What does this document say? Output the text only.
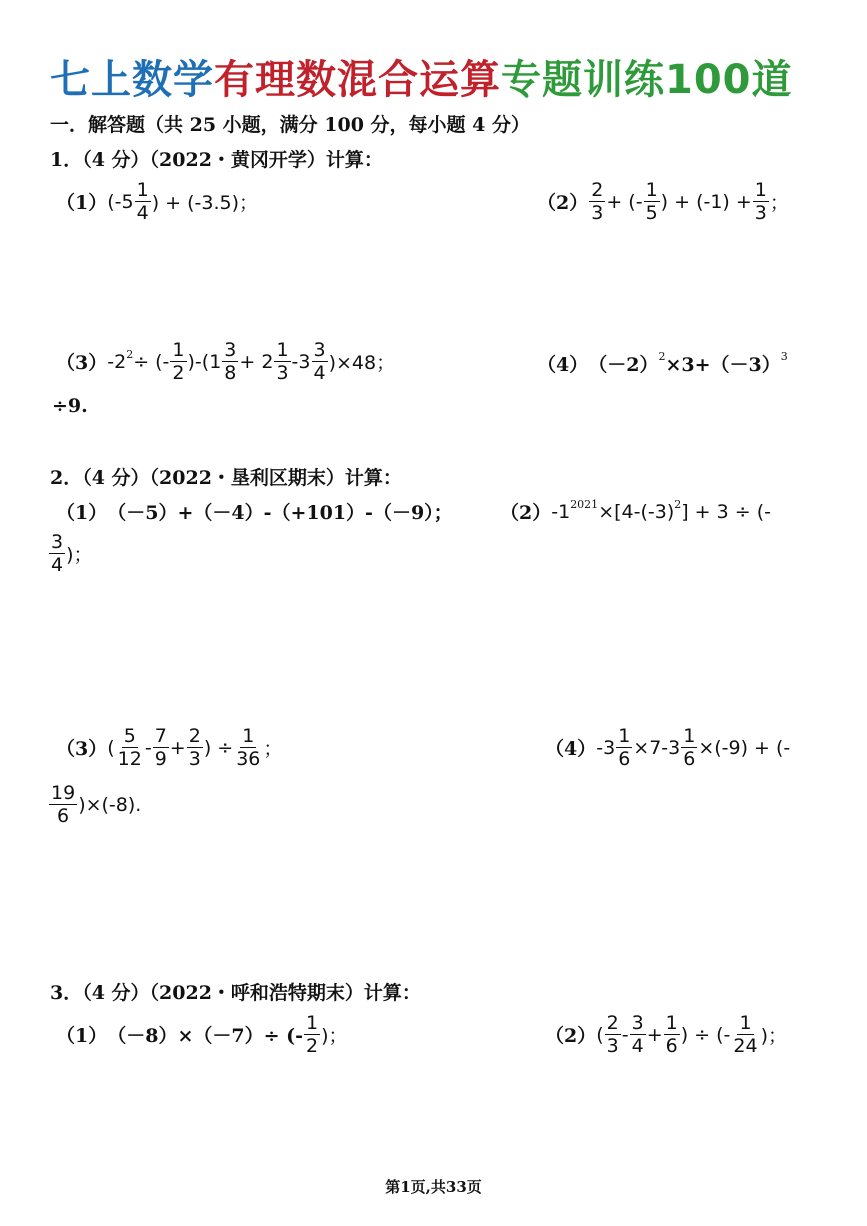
七上数学有理数混合运算专题训练100道
一．解答题（共 25 小题，满分 100 分，每小题 4 分）
1．（4 分）（2022・黄冈开学）计算：
（1） ($-5 \frac{1}{4}$ ) + (-3.5)；	$(2) \frac{2}{3}$ + (- $\frac{1}{5}$ ) + $(-1) + \frac{1}{3}$ ；
（3） $-2^2$ ÷ (- $\frac{1}{2} )-(1 \frac{3}{8} + 2 \frac{1}{3} -3 \frac{3}{4} )\times 48$；	（4） $(-2)^2 \times 3+(-3)^3$
÷9.
2．（4 分）（2022・垦利区期末）计算：
（1） （－5）+（－4）-（+101）-（－9）； （2） $-1^{2021} \times[4-(-3)^2$ ] + 3 ÷ (-
$\frac{3}{4}$ )；
（3） ( $\frac{5}{12} - \frac{7}{9} + \frac{2}{3}$ ) ÷ $\frac{1}{36}$ ；	（4） $-3 \frac{1}{6} \times 7-3 \frac{1}{6} \times(-9)$ + (-
$\frac{19}{6} )\times(-8)$.
3．（4 分）（2022・呼和浩特期末）计算：
（1） （－8）×（－7）÷ (- $\frac{1}{2}$ )；	（2） ( $\frac{2}{3} - \frac{3}{4} + \frac{1}{6}$ ) ÷ (- $\frac{1}{24}$ )；
第1页,共33页
